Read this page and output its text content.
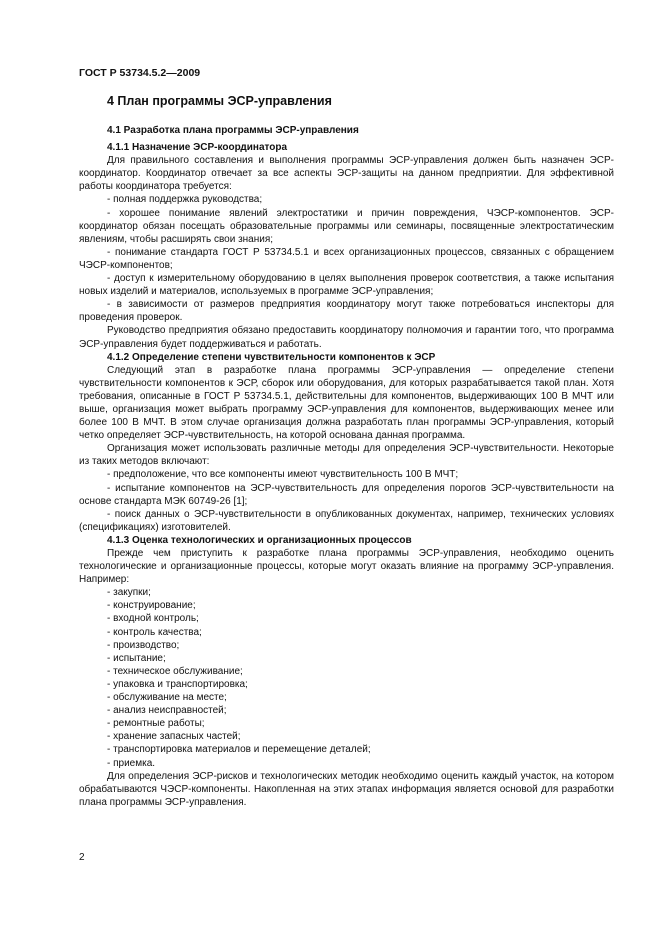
ГОСТ Р 53734.5.2—2009
4 План программы ЭСР-управления

4.1 Разработка плана программы ЭСР-управления

4.1.1 Назначение ЭСР-координатора

Для правильного составления и выполнения программы ЭСР-управления должен быть назначен ЭСР-координатор. Координатор отвечает за все аспекты ЭСР-защиты на данном предприятии. Для эффективной работы координатора требуется:

- полная поддержка руководства;

- хорошее понимание явлений электростатики и причин повреждения, ЧЭСР-компонентов. ЭСР-координатор обязан посещать образовательные программы или семинары, посвященные электростатическим явлениям, чтобы расширять свои знания;

- понимание стандарта ГОСТ Р 53734.5.1 и всех организационных процессов, связанных с обращением ЧЭСР-компонентов;

- доступ к измерительному оборудованию в целях выполнения проверок соответствия, а также испытания новых изделий и материалов, используемых в программе ЭСР-управления;

- в зависимости от размеров предприятия координатору могут также потребоваться инспекторы для проведения проверок.

Руководство предприятия обязано предоставить координатору полномочия и гарантии того, что программа ЭСР-управления будет поддерживаться и работать.

4.1.2 Определение степени чувствительности компонентов к ЭСР

Следующий этап в разработке плана программы ЭСР-управления — определение степени чувствительности компонентов к ЭСР, сборок или оборудования, для которых разрабатывается такой план. Хотя требования, описанные в ГОСТ Р 53734.5.1, действительны для компонентов, выдерживающих 100 В МЧТ или выше, организация может выбрать программу ЭСР-управления для компонентов, выдерживающих менее или более 100 В МЧТ. В этом случае организация должна разработать план программы ЭСР-управления, который четко определяет ЭСР-чувствительность, на которой основана данная программа.

Организация может использовать различные методы для определения ЭСР-чувствительности. Некоторые из таких методов включают:

- предположение, что все компоненты имеют чувствительность 100 В МЧТ;

- испытание компонентов на ЭСР-чувствительность для определения порогов ЭСР-чувствительности на основе стандарта МЭК 60749-26 [1];

- поиск данных о ЭСР-чувствительности в опубликованных документах, например, технических условиях (спецификациях) изготовителей.

4.1.3 Оценка технологических и организационных процессов

Прежде чем приступить к разработке плана программы ЭСР-управления, необходимо оценить технологические и организационные процессы, которые могут оказать влияние на программу ЭСР-управления. Например:

- закупки;

- конструирование;

- входной контроль;

- контроль качества;

- производство;

- испытание;

- техническое обслуживание;

- упаковка и транспортировка;

- обслуживание на месте;

- анализ неисправностей;

- ремонтные работы;

- хранение запасных частей;

- транспортировка материалов и перемещение деталей;

- приемка.

Для определения ЭСР-рисков и технологических методик необходимо оценить каждый участок, на котором обрабатываются ЧЭСР-компоненты. Накопленная на этих этапах информация является основой для разработки плана программы ЭСР-управления.

2
